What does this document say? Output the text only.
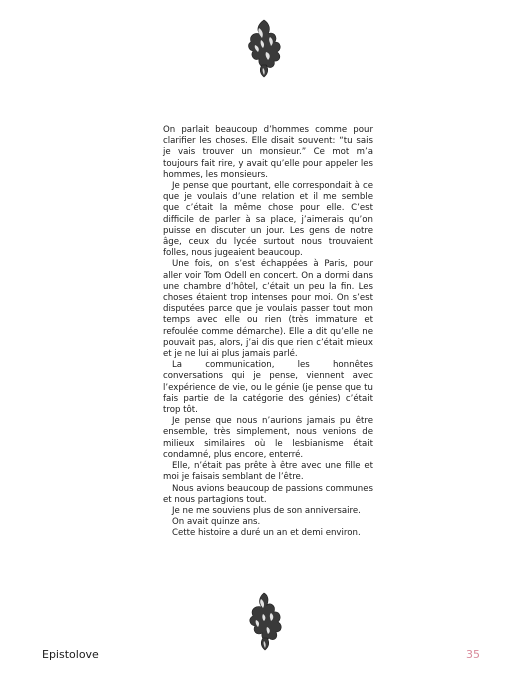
On parlait beaucoup d’hommes comme pour clarifier les choses. Elle disait souvent: “tu sais je vais trouver un monsieur.” Ce mot m’a toujours fait rire, y avait qu’elle pour appeler les hommes, les monsieurs.

Je pense que pourtant, elle correspondait à ce que je voulais d’une relation et il me semble que c’était la même chose pour elle. C’est difficile de parler à sa place, j’aimerais qu’on puisse en discuter un jour. Les gens de notre âge, ceux du lycée surtout nous trouvaient folles, nous jugeaient beaucoup.

Une fois, on s’est échappées à Paris, pour aller voir Tom Odell en concert. On a dormi dans une chambre d’hôtel, c’était un peu la fin. Les choses étaient trop intenses pour moi. On s’est disputées parce que je voulais passer tout mon temps avec elle ou rien (très immature et refoulée comme démarche). Elle a dit qu’elle ne pouvait pas, alors, j’ai dis que rien c’était mieux et je ne lui ai plus jamais parlé.

La communication, les honnêtes conversations qui je pense, viennent avec l’expérience de vie, ou le génie (je pense que tu fais partie de la catégorie des génies) c’était trop tôt.

Je pense que nous n’aurions jamais pu être ensemble, très simplement, nous venions de milieux similaires où le lesbianisme était condamné, plus encore, enterré.

Elle, n’était pas prête à être avec une fille et moi je faisais semblant de l’être.

Nous avions beaucoup de passions communes et nous partagions tout.

Je ne me souviens plus de son anniversaire.

On avait quinze ans.

Cette histoire a duré un an et demi environ.

Epistolove	35
